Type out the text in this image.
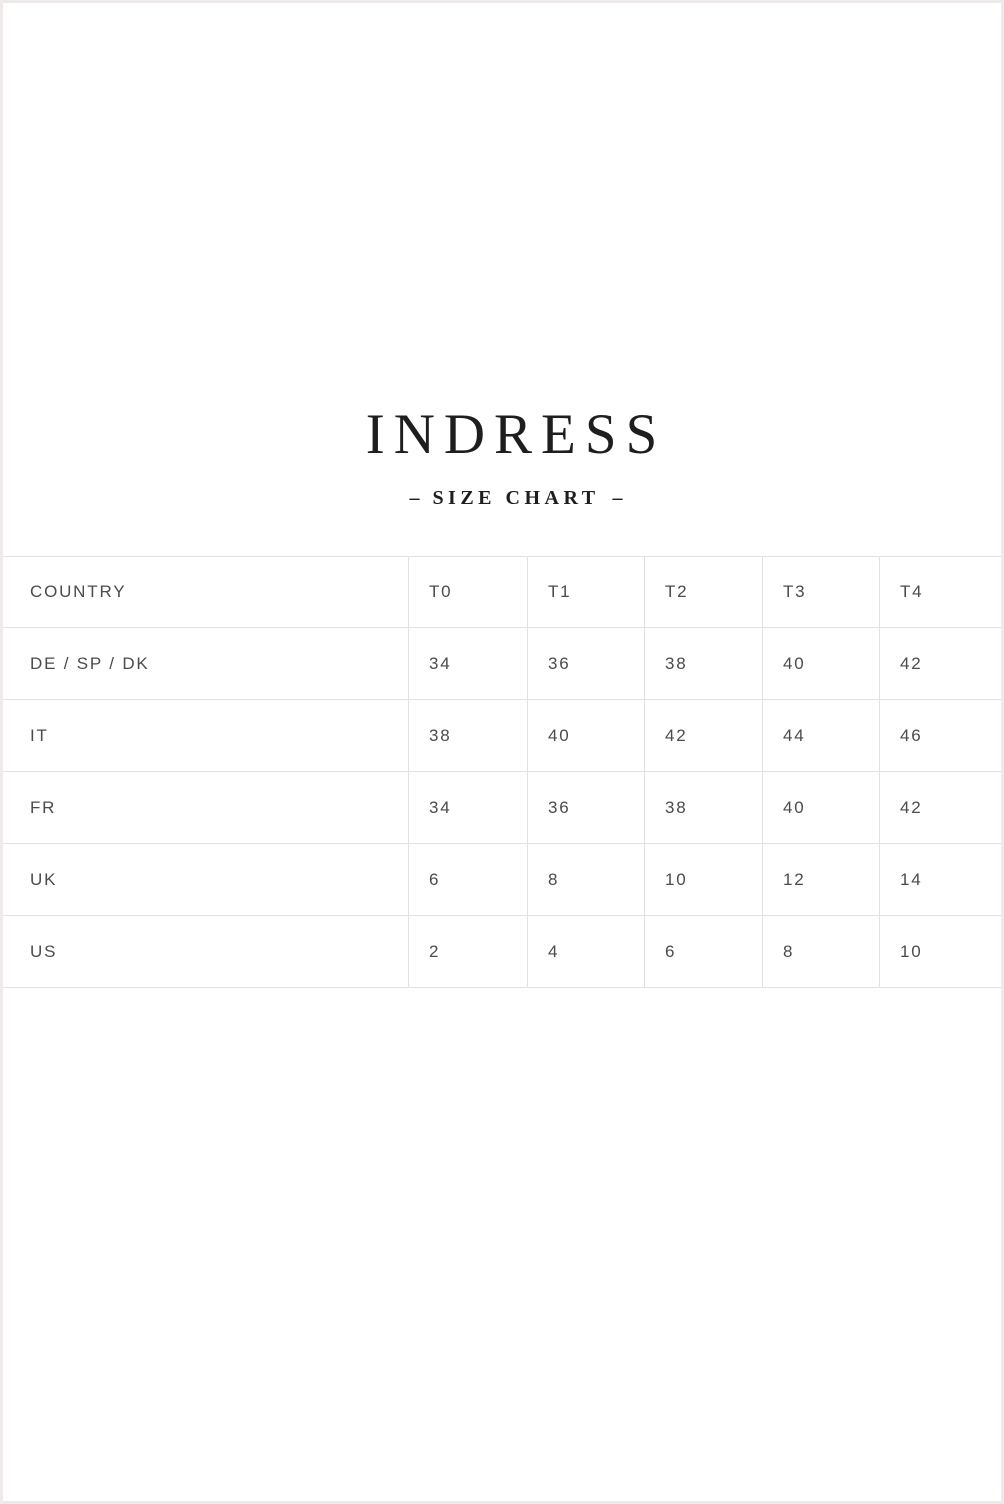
INDRESS
– SIZE CHART –
COUNTRY	T0	T1	T2	T3	T4
DE / SP / DK	34	36	38	40	42
IT	38	40	42	44	46
FR	34	36	38	40	42
UK	6	8	10	12	14
US	2	4	6	8	10
